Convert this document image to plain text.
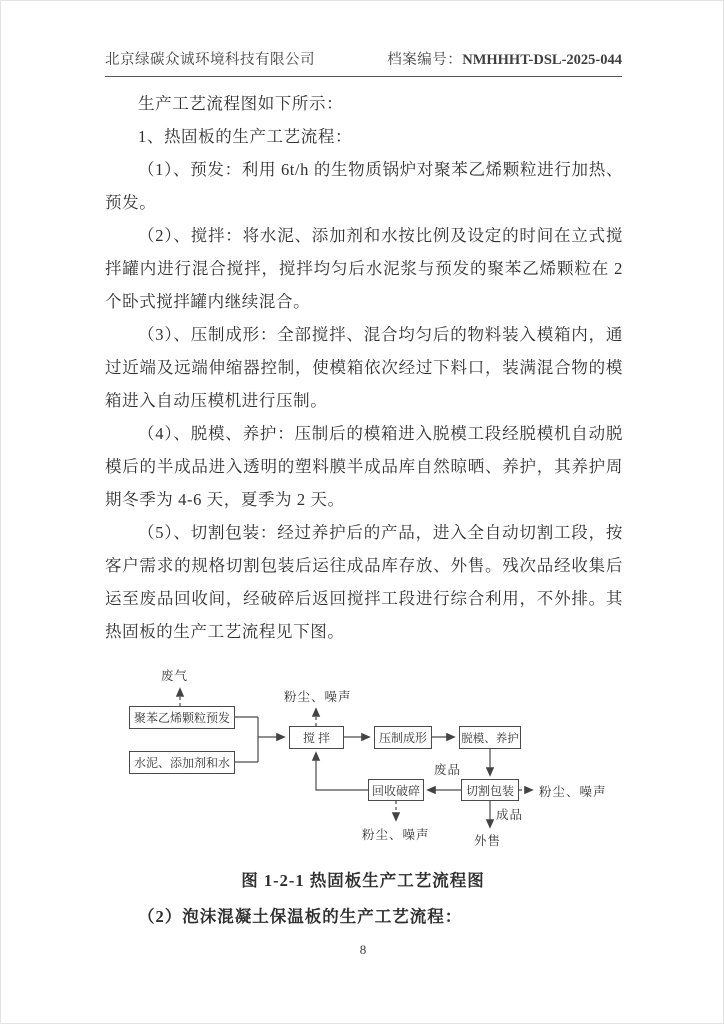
北京绿碳众诚环境科技有限公司	档案编号：NMHHHT-DSL-2025-044

生产工艺流程图如下所示：

1、热固板的生产工艺流程：

（1）、预发：利用 6t/h 的生物质锅炉对聚苯乙烯颗粒进行加热、预发。

（2）、搅拌：将水泥、添加剂和水按比例及设定的时间在立式搅拌罐内进行混合搅拌，搅拌均匀后水泥浆与预发的聚苯乙烯颗粒在 2 个卧式搅拌罐内继续混合。

（3）、压制成形：全部搅拌、混合均匀后的物料装入模箱内，通过近端及远端伸缩器控制，使模箱依次经过下料口，装满混合物的模箱进入自动压模机进行压制。

（4）、脱模、养护：压制后的模箱进入脱模工段经脱模机自动脱模后的半成品进入透明的塑料膜半成品库自然晾晒、养护，其养护周期冬季为 4-6 天，夏季为 2 天。

（5）、切割包装：经过养护后的产品，进入全自动切割工段，按客户需求的规格切割包装后运往成品库存放、外售。残次品经收集后运至废品回收间，经破碎后返回搅拌工段进行综合利用，不外排。其热固板的生产工艺流程见下图。

聚苯乙烯颗粒预发
水泥、添加剂和水
搅 拌	压制成形	脱模、养护
切割包装
回收破碎
废气
粉尘、噪声
废品
粉尘、噪声
粉尘、噪声
成品
外售
图 1-2-1 热固板生产工艺流程图
（2）泡沫混凝土保温板的生产工艺流程：
8
